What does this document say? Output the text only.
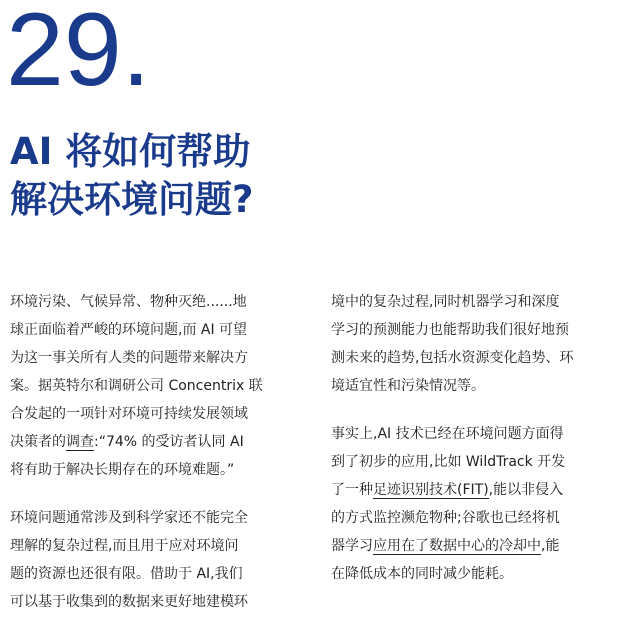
29.
AI 将如何帮助
解决环境问题?
环境污染、气候异常、物种灭绝......地
球正面临着严峻的环境问题,而 AI 可望
为这一事关所有人类的问题带来解决方
案。据英特尔和调研公司 Concentrix 联
合发起的一项针对环境可持续发展领域
决策者的调查:“74% 的受访者认同 AI
将有助于解决长期存在的环境难题。”
环境问题通常涉及到科学家还不能完全
理解的复杂过程,而且用于应对环境问
题的资源也还很有限。借助于 AI,我们
可以基于收集到的数据来更好地建模环
境中的复杂过程,同时机器学习和深度
学习的预测能力也能帮助我们很好地预
测未来的趋势,包括水资源变化趋势、环
境适宜性和污染情况等。
事实上,AI 技术已经在环境问题方面得
到了初步的应用,比如 WildTrack 开发
了一种足迹识别技术(FIT),能以非侵入
的方式监控濒危物种;谷歌也已经将机
器学习应用在了数据中心的冷却中,能
在降低成本的同时减少能耗。
